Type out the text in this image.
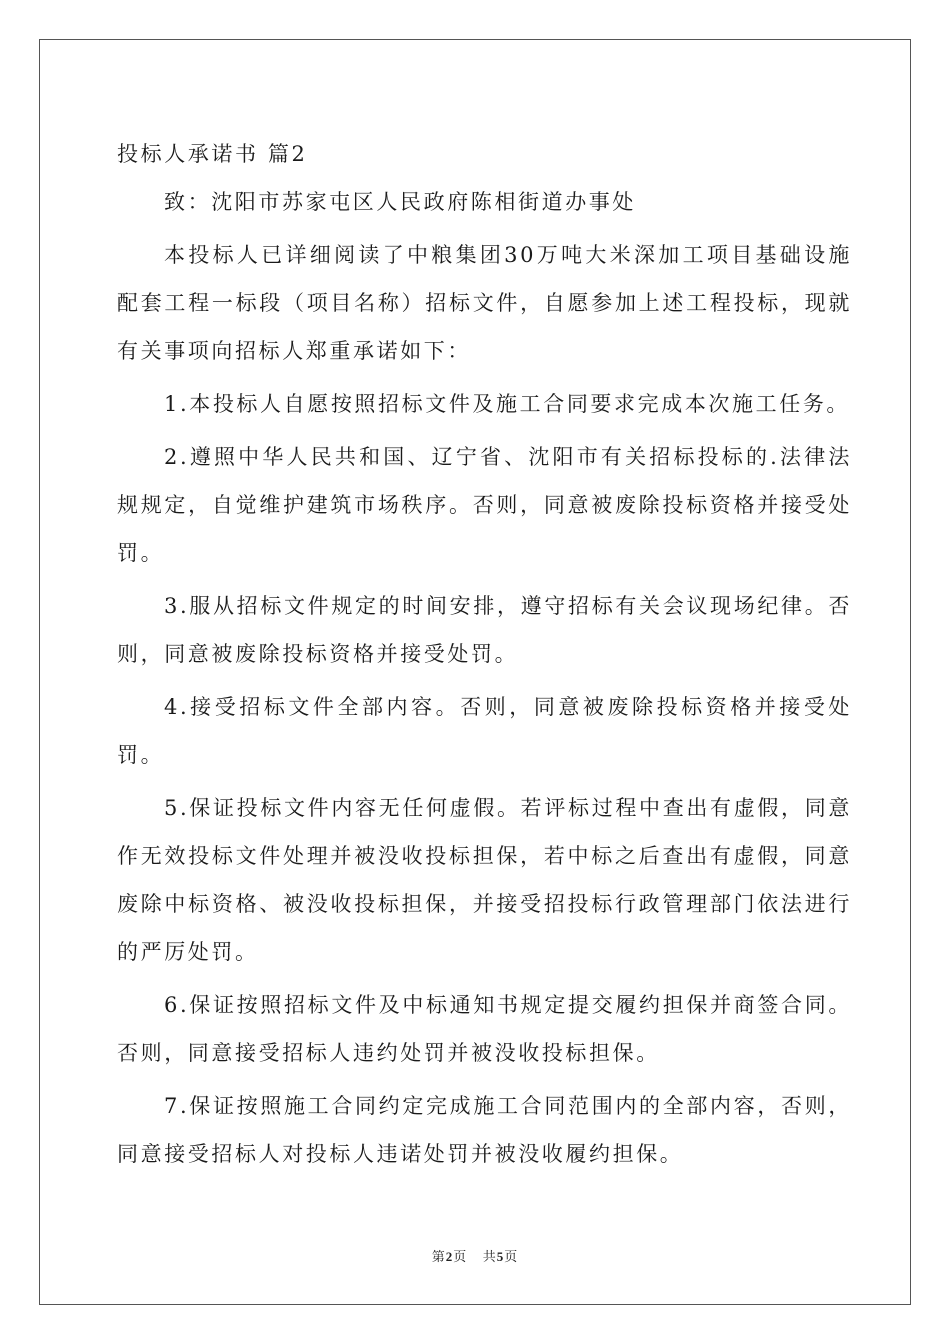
投标人承诺书 篇2

致：沈阳市苏家屯区人民政府陈相街道办事处

本投标人已详细阅读了中粮集团30万吨大米深加工项目基础设施配套工程一标段（项目名称）招标文件，自愿参加上述工程投标，现就有关事项向招标人郑重承诺如下：

1.本投标人自愿按照招标文件及施工合同要求完成本次施工任务。

2.遵照中华人民共和国、辽宁省、沈阳市有关招标投标的.法律法规规定，自觉维护建筑市场秩序。否则，同意被废除投标资格并接受处罚。

3.服从招标文件规定的时间安排，遵守招标有关会议现场纪律。否则，同意被废除投标资格并接受处罚。

4.接受招标文件全部内容。否则，同意被废除投标资格并接受处罚。

5.保证投标文件内容无任何虚假。若评标过程中查出有虚假，同意作无效投标文件处理并被没收投标担保，若中标之后查出有虚假，同意废除中标资格、被没收投标担保，并接受招投标行政管理部门依法进行的严厉处罚。

6.保证按照招标文件及中标通知书规定提交履约担保并商签合同。否则，同意接受招标人违约处罚并被没收投标担保。

7.保证按照施工合同约定完成施工合同范围内的全部内容，否则，同意接受招标人对投标人违诺处罚并被没收履约担保。

第2页 共5页
